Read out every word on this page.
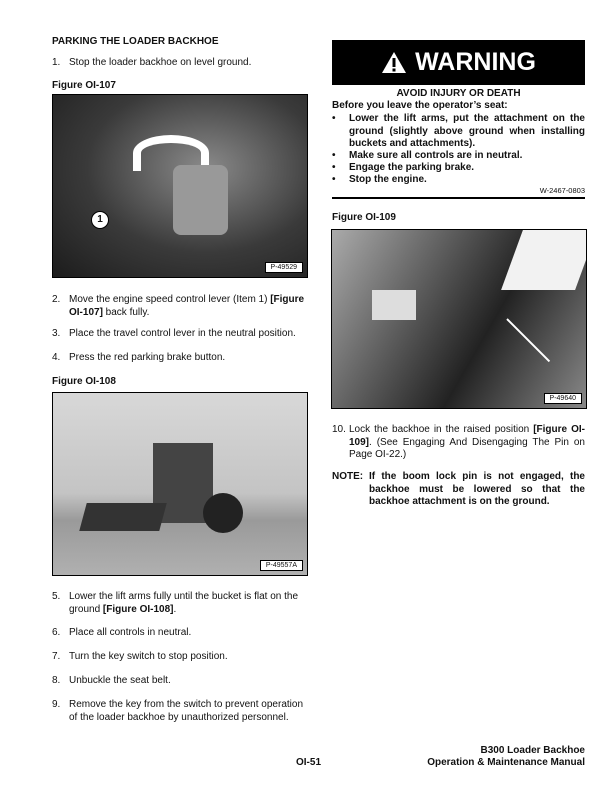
PARKING THE LOADER BACKHOE
1. Stop the loader backhoe on level ground.
Figure OI-107
1
P-49529
2. Move the engine speed control lever (Item 1) [Figure OI-107] back fully.
3. Place the travel control lever in the neutral position.
4. Press the red parking brake button.
Figure OI-108
P-49557A
5. Lower the lift arms fully until the bucket is flat on the ground [Figure OI-108].
6. Place all controls in neutral.
7. Turn the key switch to stop position.
8. Unbuckle the seat belt.
9. Remove the key from the switch to prevent operation of the loader backhoe by unauthorized personnel.
WARNING
AVOID INJURY OR DEATH
Before you leave the operator’s seat:
•	Lower the lift arms, put the attachment on the ground (slightly above ground when installing buckets and attachments).
•	Make sure all controls are in neutral.
•	Engage the parking brake.
•	Stop the engine.
W-2467-0803
Figure OI-109
P-49640
10. Lock the backhoe in the raised position [Figure OI-109]. (See Engaging And Disengaging The Pin on Page OI-22.)
NOTE: If the boom lock pin is not engaged, the backhoe must be lowered so that the backhoe attachment is on the ground.
OI-51
B300 Loader Backhoe
Operation & Maintenance Manual
